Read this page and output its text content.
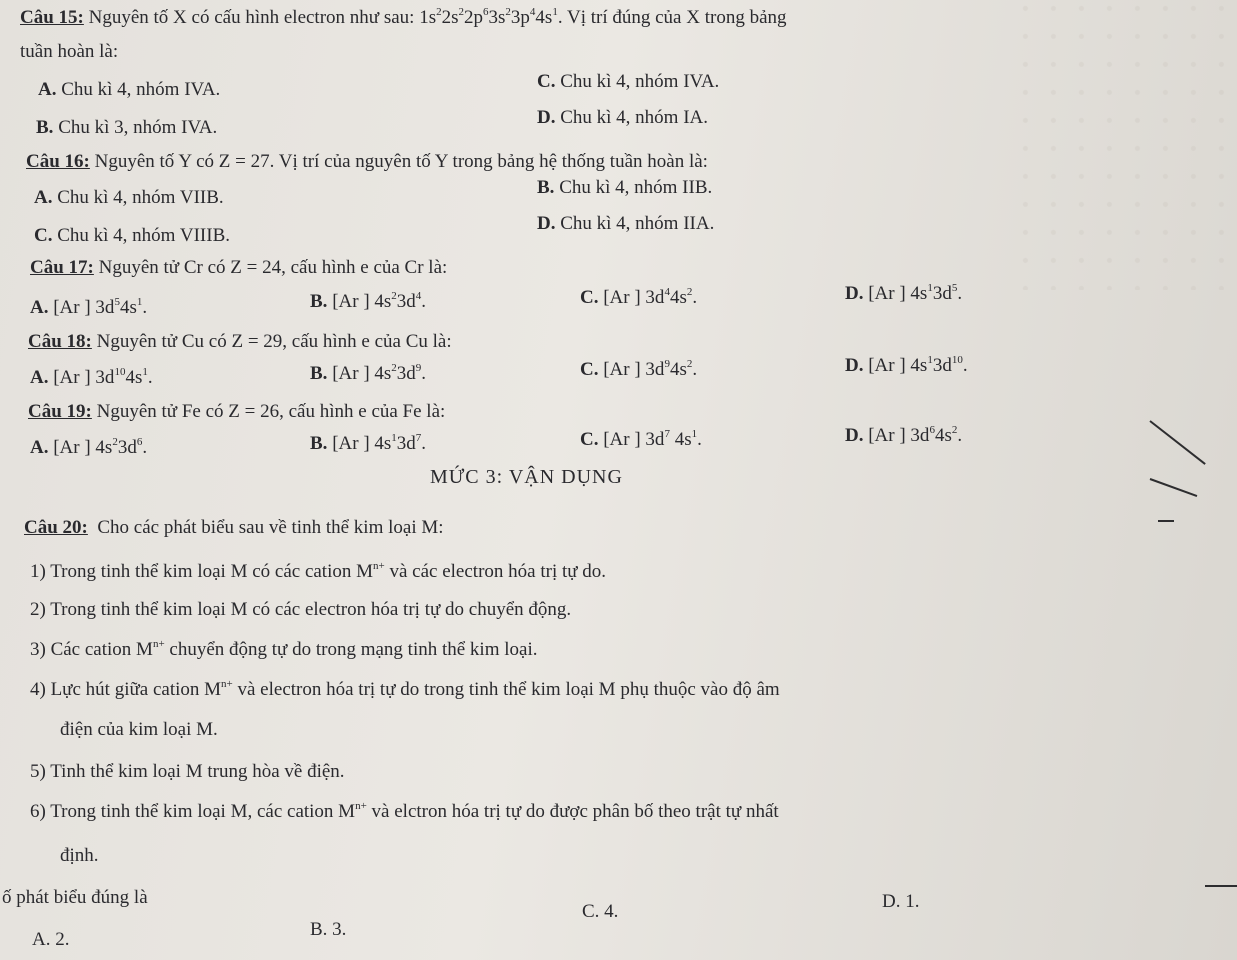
Câu 15: Nguyên tố X có cấu hình electron như sau: $1s^22s^22p^63s^23p^44s^1$. Vị trí đúng của X trong bảng
tuần hoàn là:
A. Chu kì 4, nhóm IVA.	C. Chu kì 4, nhóm IVA.
B. Chu kì 3, nhóm IVA.	D. Chu kì 4, nhóm IA.
Câu 16: Nguyên tố Y có Z = 27. Vị trí của nguyên tố Y trong bảng hệ thống tuần hoàn là:
A. Chu kì 4, nhóm VIIB.	B. Chu kì 4, nhóm IIB.
C. Chu kì 4, nhóm VIIIB.
D. Chu kì 4, nhóm IIA.
Câu 17: Nguyên tử Cr có Z = 24, cấu hình e của Cr là:
A. [Ar ] $3d^54s^1$.	B. [Ar ] $4s^23d^4$.	C. [Ar ] $3d^44s^2$.	D. [Ar ] $4s^13d^5$.
Câu 18: Nguyên tử Cu có Z = 29, cấu hình e của Cu là:
A. [Ar ] $3d^{10}4s^1$.	B. [Ar ] $4s^23d^9$.	C. [Ar ] $3d^94s^2$.	D. [Ar ] $4s^13d^{10}$.
Câu 19: Nguyên tử Fe có Z = 26, cấu hình e của Fe là:
A. [Ar ] $4s^23d^6$.	B. [Ar ] $4s^13d^7$.	C. [Ar ] $3d^7$ $4s^1$.	D. [Ar ] $3d^64s^2$.
MỨC 3: VẬN DỤNG
Câu 20: Cho các phát biểu sau về tinh thể kim loại M:
1) Trong tinh thể kim loại M có các cation $M^{n+}$ và các electron hóa trị tự do.
2) Trong tinh thể kim loại M có các electron hóa trị tự do chuyển động.
3) Các cation $M^{n+}$ chuyển động tự do trong mạng tinh thể kim loại.
4) Lực hút giữa cation $M^{n+}$ và electron hóa trị tự do trong tinh thể kim loại M phụ thuộc vào độ âm
điện của kim loại M.
5) Tinh thể kim loại M trung hòa về điện.
6) Trong tinh thể kim loại M, các cation $M^{n+}$ và elctron hóa trị tự do được phân bố theo trật tự nhất
định.
ố phát biểu đúng là
A. 2.	B. 3.
C. 4.	D. 1.
